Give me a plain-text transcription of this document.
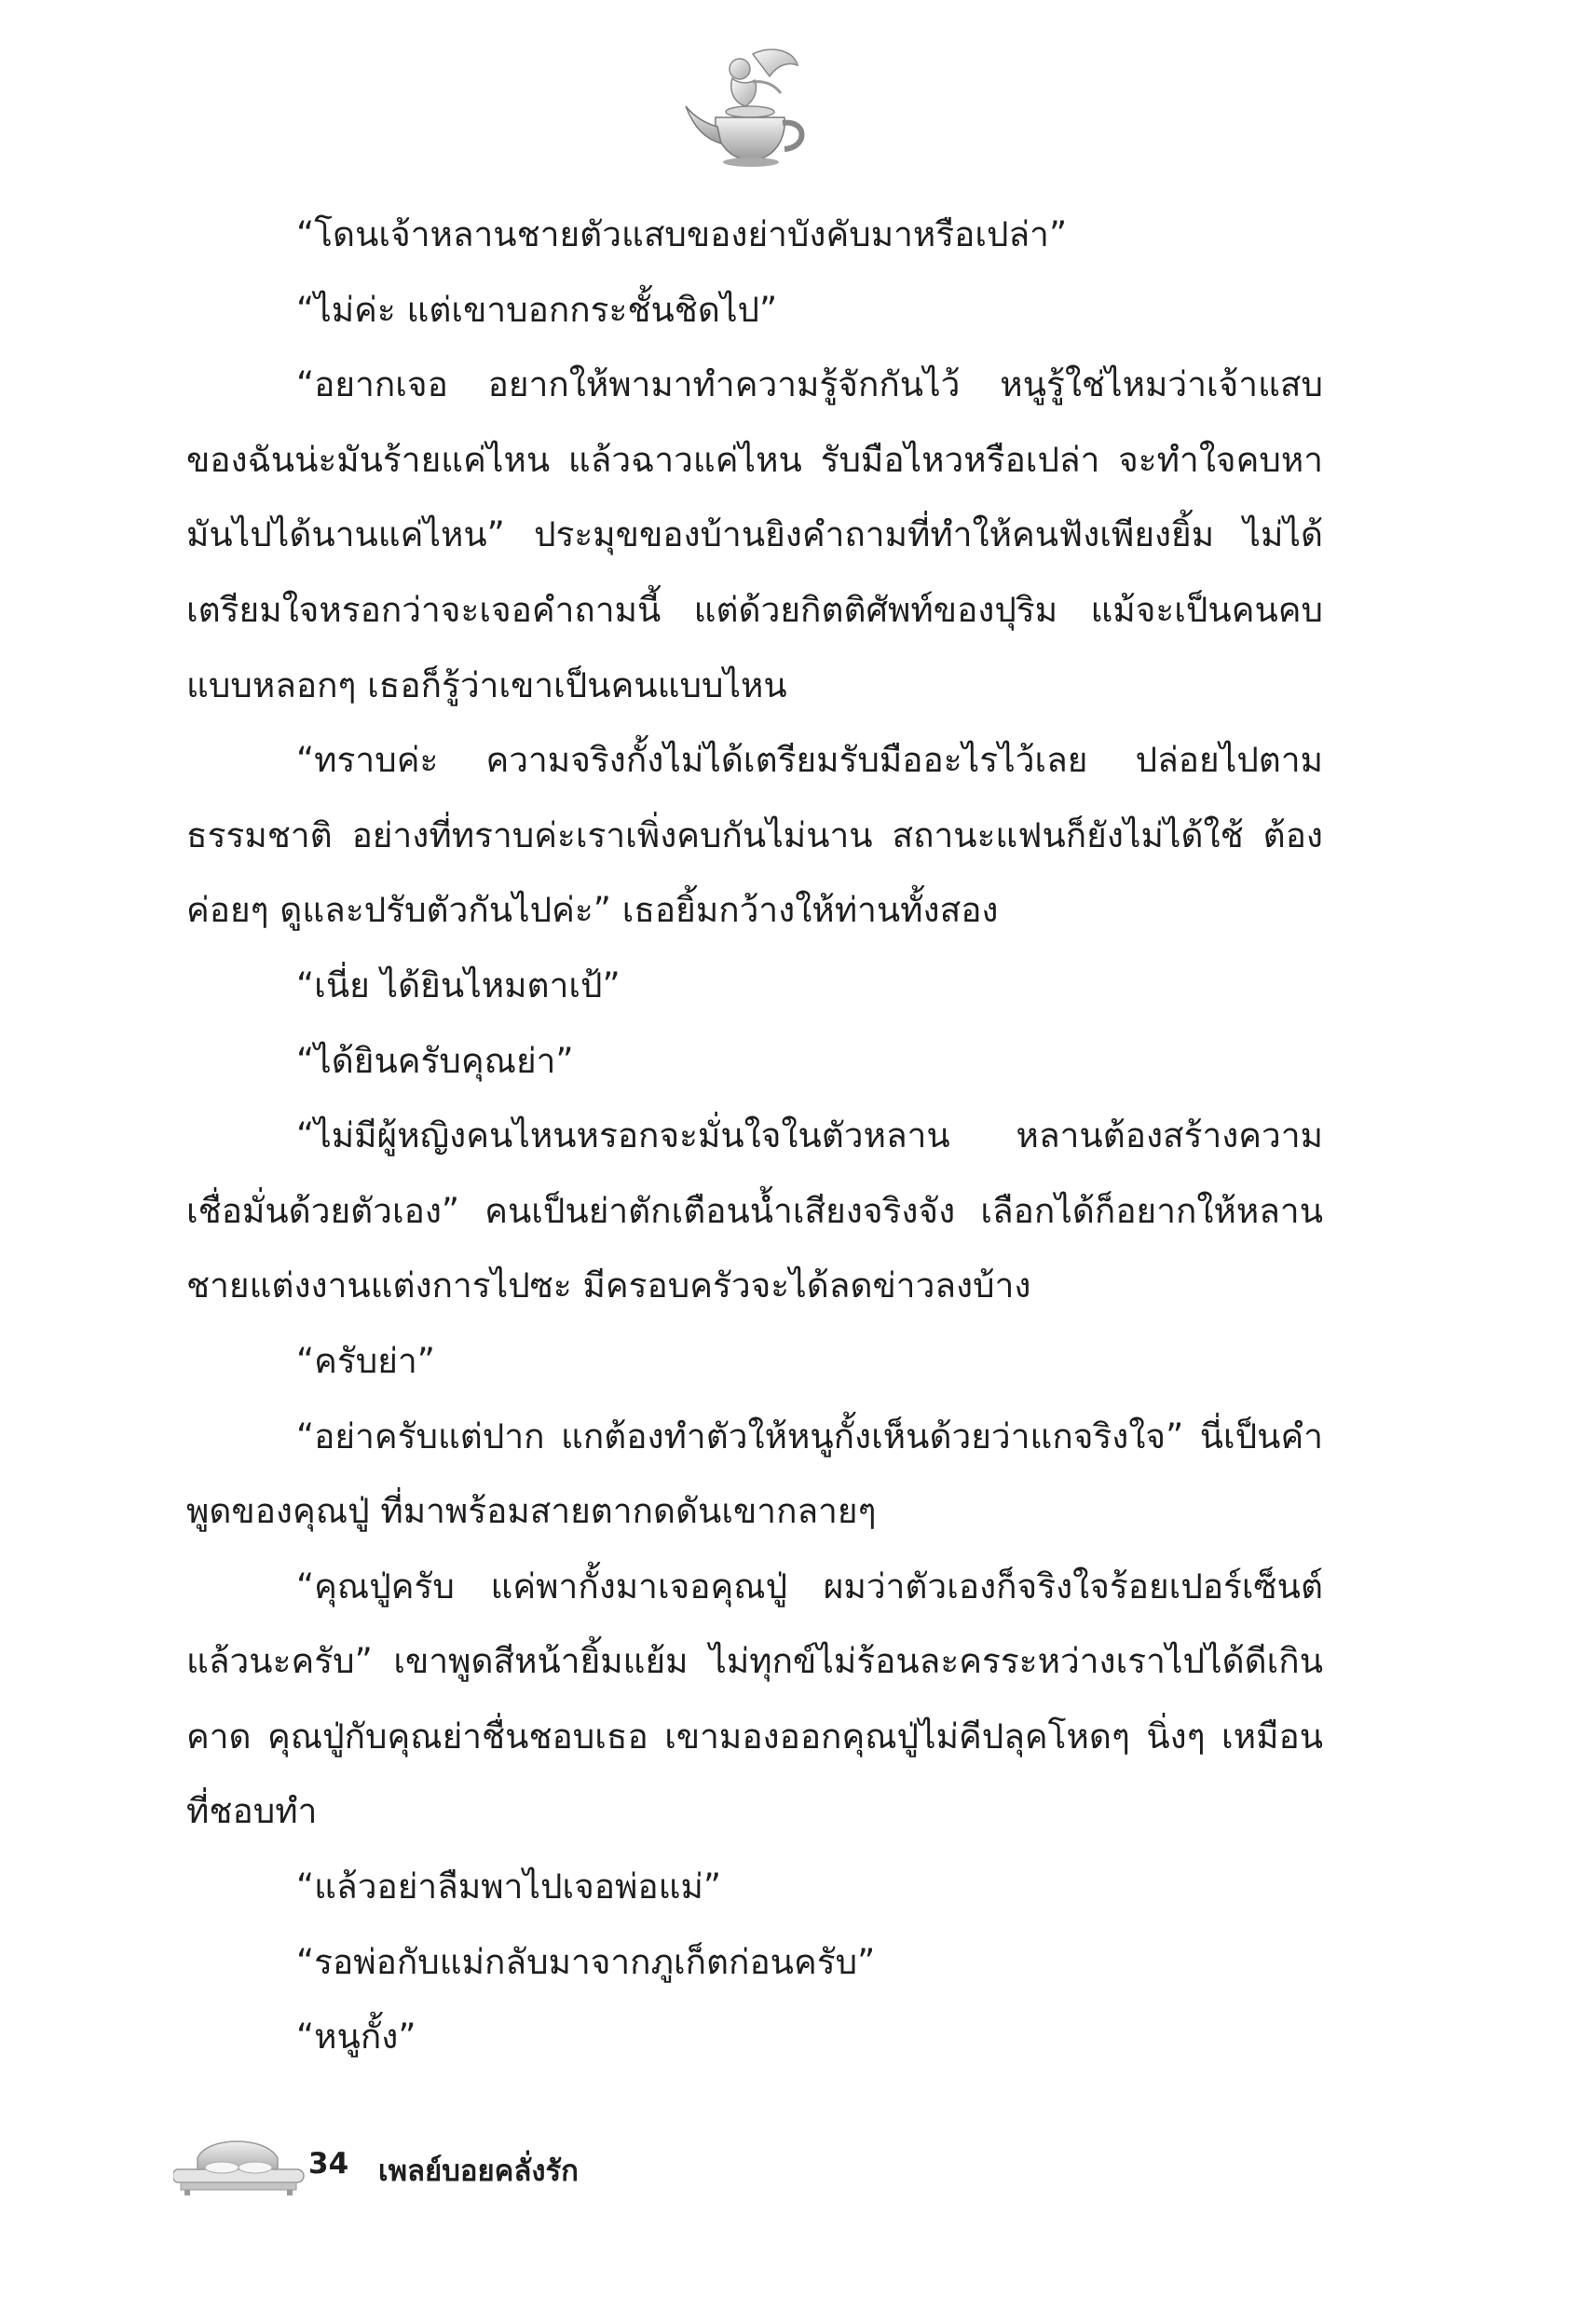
“โดนเจ้าหลานชายตัวแสบของย่าบังคับมาหรือเปล่า”

“ไม่ค่ะ แต่เขาบอกกระชั้นชิดไป”

“อยากเจอ อยากให้พามาทำความรู้จักกันไว้ หนูรู้ใช่ไหมว่าเจ้าแสบของฉันน่ะมันร้ายแค่ไหน แล้วฉาวแค่ไหน รับมือไหวหรือเปล่า จะทำใจคบหามันไปได้นานแค่ไหน” ประมุขของบ้านยิงคำถามที่ทำให้คนฟังเพียงยิ้ม ไม่ได้เตรียมใจหรอกว่าจะเจอคำถามนี้ แต่ด้วยกิตติศัพท์ของปุริม แม้จะเป็นคนคบแบบหลอกๆ เธอก็รู้ว่าเขาเป็นคนแบบไหน

“ทราบค่ะ ความจริงกั้งไม่ได้เตรียมรับมืออะไรไว้เลย ปล่อยไปตามธรรมชาติ อย่างที่ทราบค่ะเราเพิ่งคบกันไม่นาน สถานะแฟนก็ยังไม่ได้ใช้ ต้องค่อยๆ ดูและปรับตัวกันไปค่ะ” เธอยิ้มกว้างให้ท่านทั้งสอง

“เนี่ย ได้ยินไหมตาเป้”

“ได้ยินครับคุณย่า”

“ไม่มีผู้หญิงคนไหนหรอกจะมั่นใจในตัวหลาน หลานต้องสร้างความเชื่อมั่นด้วยตัวเอง” คนเป็นย่าตักเตือนน้ำเสียงจริงจัง เลือกได้ก็อยากให้หลานชายแต่งงานแต่งการไปซะ มีครอบครัวจะได้ลดข่าวลงบ้าง

“ครับย่า”

“อย่าครับแต่ปาก แกต้องทำตัวให้หนูกั้งเห็นด้วยว่าแกจริงใจ” นี่เป็นคำพูดของคุณปู่ ที่มาพร้อมสายตากดดันเขากลายๆ

“คุณปู่ครับ แค่พากั้งมาเจอคุณปู่ ผมว่าตัวเองก็จริงใจร้อยเปอร์เซ็นต์แล้วนะครับ” เขาพูดสีหน้ายิ้มแย้ม ไม่ทุกข์ไม่ร้อนละครระหว่างเราไปได้ดีเกินคาด คุณปู่กับคุณย่าชื่นชอบเธอ เขามองออกคุณปู่ไม่คีปลุคโหดๆ นิ่งๆ เหมือนที่ชอบทำ

“แล้วอย่าลืมพาไปเจอพ่อแม่”

“รอพ่อกับแม่กลับมาจากภูเก็ตก่อนครับ”

“หนูกั้ง”

34 เพลย์บอยคลั่งรัก
